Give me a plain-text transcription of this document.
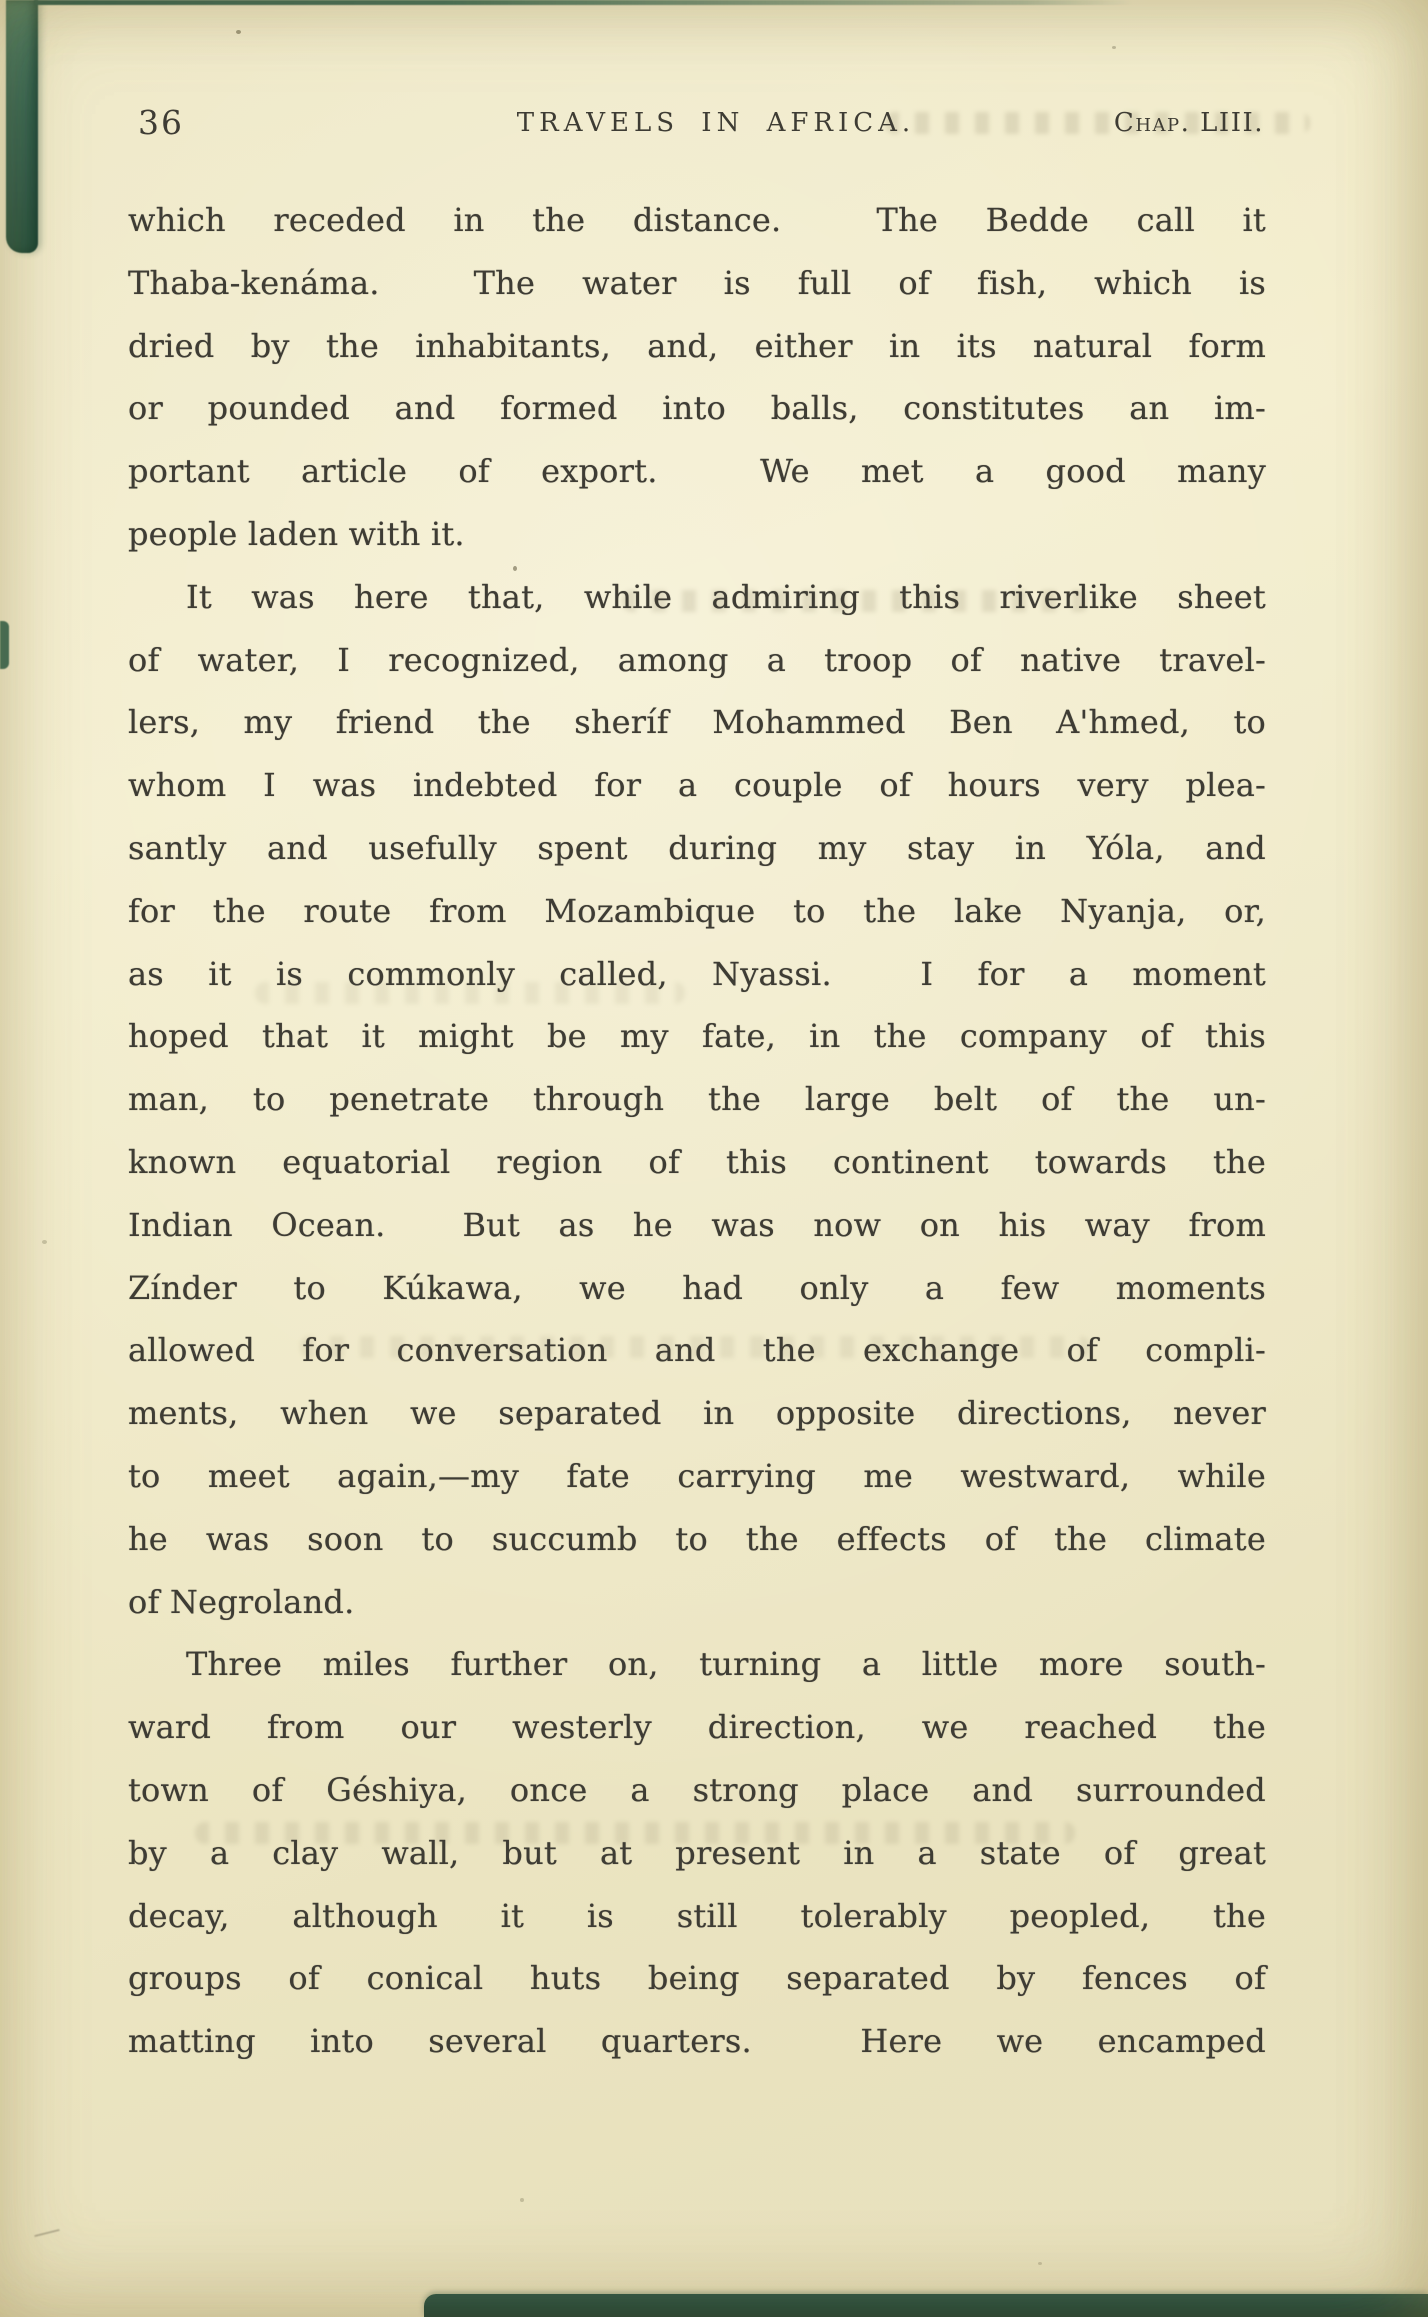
36	TRAVELS IN AFRICA.	Chap. LIII.
which receded in the distance.  The Bedde call it
Thaba-kenáma.  The water is full of fish, which is
dried by the inhabitants, and, either in its natural form
or pounded and formed into balls, constitutes an im-
portant article of export.  We met a good many
people laden with it.
It was here that, while admiring this riverlike sheet
of water, I recognized, among a troop of native travel-
lers, my friend the sheríf Mohammed Ben A'hmed, to
whom I was indebted for a couple of hours very plea-
santly and usefully spent during my stay in Yóla, and
for the route from Mozambique to the lake Nyanja, or,
as it is commonly called, Nyassi.  I for a moment
hoped that it might be my fate, in the company of this
man, to penetrate through the large belt of the un-
known equatorial region of this continent towards the
Indian Ocean.  But as he was now on his way from
Zínder to Kúkawa, we had only a few moments
allowed for conversation and the exchange of compli-
ments, when we separated in opposite directions, never
to meet again,—my fate carrying me westward, while
he was soon to succumb to the effects of the climate
of Negroland.
Three miles further on, turning a little more south-
ward from our westerly direction, we reached the
town of Géshiya, once a strong place and surrounded
by a clay wall, but at present in a state of great
decay, although it is still tolerably peopled, the
groups of conical huts being separated by fences of
matting into several quarters.  Here we encamped
